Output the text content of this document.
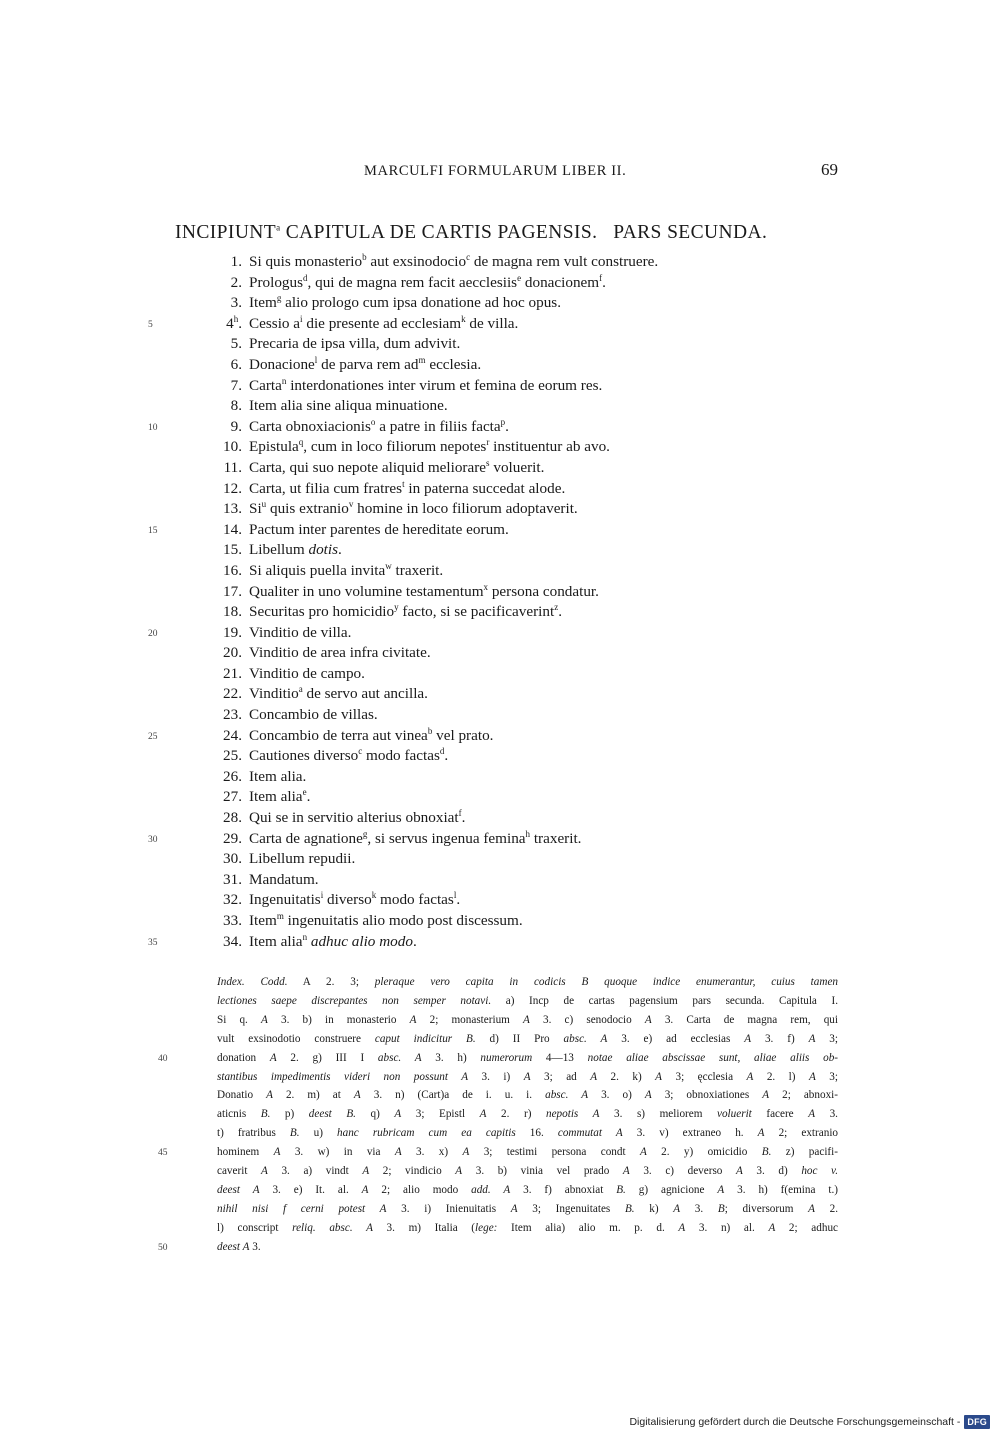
MARCULFI FORMULARUM LIBER II.	69
INCIPIUNT$^a$ CAPITULA DE CARTIS PAGENSIS.   PARS SECUNDA.
1. Si quis monasterio$^b$ aut exsinodocio$^c$ de magna rem vult construere.
2. Prologus$^d$, qui de magna rem facit aecclesiis$^e$ donacionem$^f$.
3. Item$^g$ alio prologo cum ipsa donatione ad hoc opus.
4$^h$. Cessio $a^i$ die presente ad ecclesiam$^k$ de villa.
5. Precaria de ipsa villa, dum advivit.
6. Donacione$^l$ de parva rem $ad^m$ ecclesia.
7. Carta$^n$ interdonationes inter virum et femina de eorum res.
8. Item alia sine aliqua minuatione.
9. Carta obnoxiacionis$^o$ a patre in filiis facta$^p$.
10. Epistula$^q$, cum in loco filiorum nepotes$^r$ instituentur ab avo.
11. Carta, qui suo nepote aliquid meliorare$^s$ voluerit.
12. Carta, ut filia cum fratres$^t$ in paterna succedat alode.
13. Si$^u$ quis extranio$^v$ homine in loco filiorum adoptaverit.
14. Pactum inter parentes de hereditate eorum.
15. Libellum dotis.
16. Si aliquis puella invita$^w$ traxerit.
17. Qualiter in uno volumine testamentum$^x$ persona condatur.
18. Securitas pro homicidio$^y$ facto, si se pacificaverint$^z$.
19. Vinditio de villa.
20. Vinditio de area infra civitate.
21. Vinditio de campo.
22. Vinditio$^a$ de servo aut ancilla.
23. Concambio de villas.
24. Concambio de terra aut vinea$^b$ vel prato.
25. Cautiones diverso$^c$ modo factas$^d$.
26. Item alia.
27. Item alia$^e$.
28. Qui se in servitio alterius obnoxiat$^f$.
29. Carta de agnatione$^g$, si servus ingenua femina$^h$ traxerit.
30. Libellum repudii.
31. Mandatum.
32. Ingenuitatis$^i$ diverso$^k$ modo factas$^l$.
33. Item$^m$ ingenuitatis alio modo post discessum.
34. Item alia$^n$ adhuc alio modo.

Index. Codd. A 2. 3; pleraque vero capita in codicis B quoque indice enumerantur, cuius tamen

lectiones saepe discrepantes non semper notavi. a) Incp de cartas pagensium pars secunda. Capitula I.

Si q. A 3. b) in monasterio A 2; monasterium A 3. c) senodocio A 3. Carta de magna rem, qui

vult exsinodotio construere caput indicitur B. d) II Pro absc. A 3. e) ad ecclesias A 3. f) A 3;

donation A 2. g) III I absc. A 3. h) numerorum 4—13 notae aliae abscissae sunt, aliae aliis ob-

stantibus impedimentis videri non possunt A 3. i) A 3; ad A 2. k) A 3; ęcclesia A 2. l) A 3;

Donatio A 2. m) at A 3. n) (Cart)a de i. u. i. absc. A 3. o) A 3; obnoxiationes A 2; abnoxi-

aticnis B. p) deest B. q) A 3; Epistl A 2. r) nepotis A 3. s) meliorem voluerit facere A 3.

t) fratribus B. u) hanc rubricam cum ea capitis 16. commutat A 3. v) extraneo h. A 2; extranio

hominem A 3. w) in via A 3. x) A 3; testimi persona condt A 2. y) omicidio B. z) pacifi-

caverit A 3. a) vindt A 2; vindicio A 3. b) vinia vel prado A 3. c) deverso A 3. d) hoc v.

deest A 3. e) It. al. A 2; alio modo add. A 3. f) abnoxiat B. g) agnicione A 3. h) f(emina t.)

nihil nisi f cerni potest A 3. i) Inienuitatis A 3; Ingenuitates B. k) A 3. B; diversorum A 2.

l) conscript reliq. absc. A 3. m) Italia (lege: Item alia) alio m. p. d. A 3. n) al. A 2; adhuc

deest A 3.

5
10
15
20
25
30
35
40
45
50
Digitalisierung gefördert durch die Deutsche Forschungsgemeinschaft - DFG
